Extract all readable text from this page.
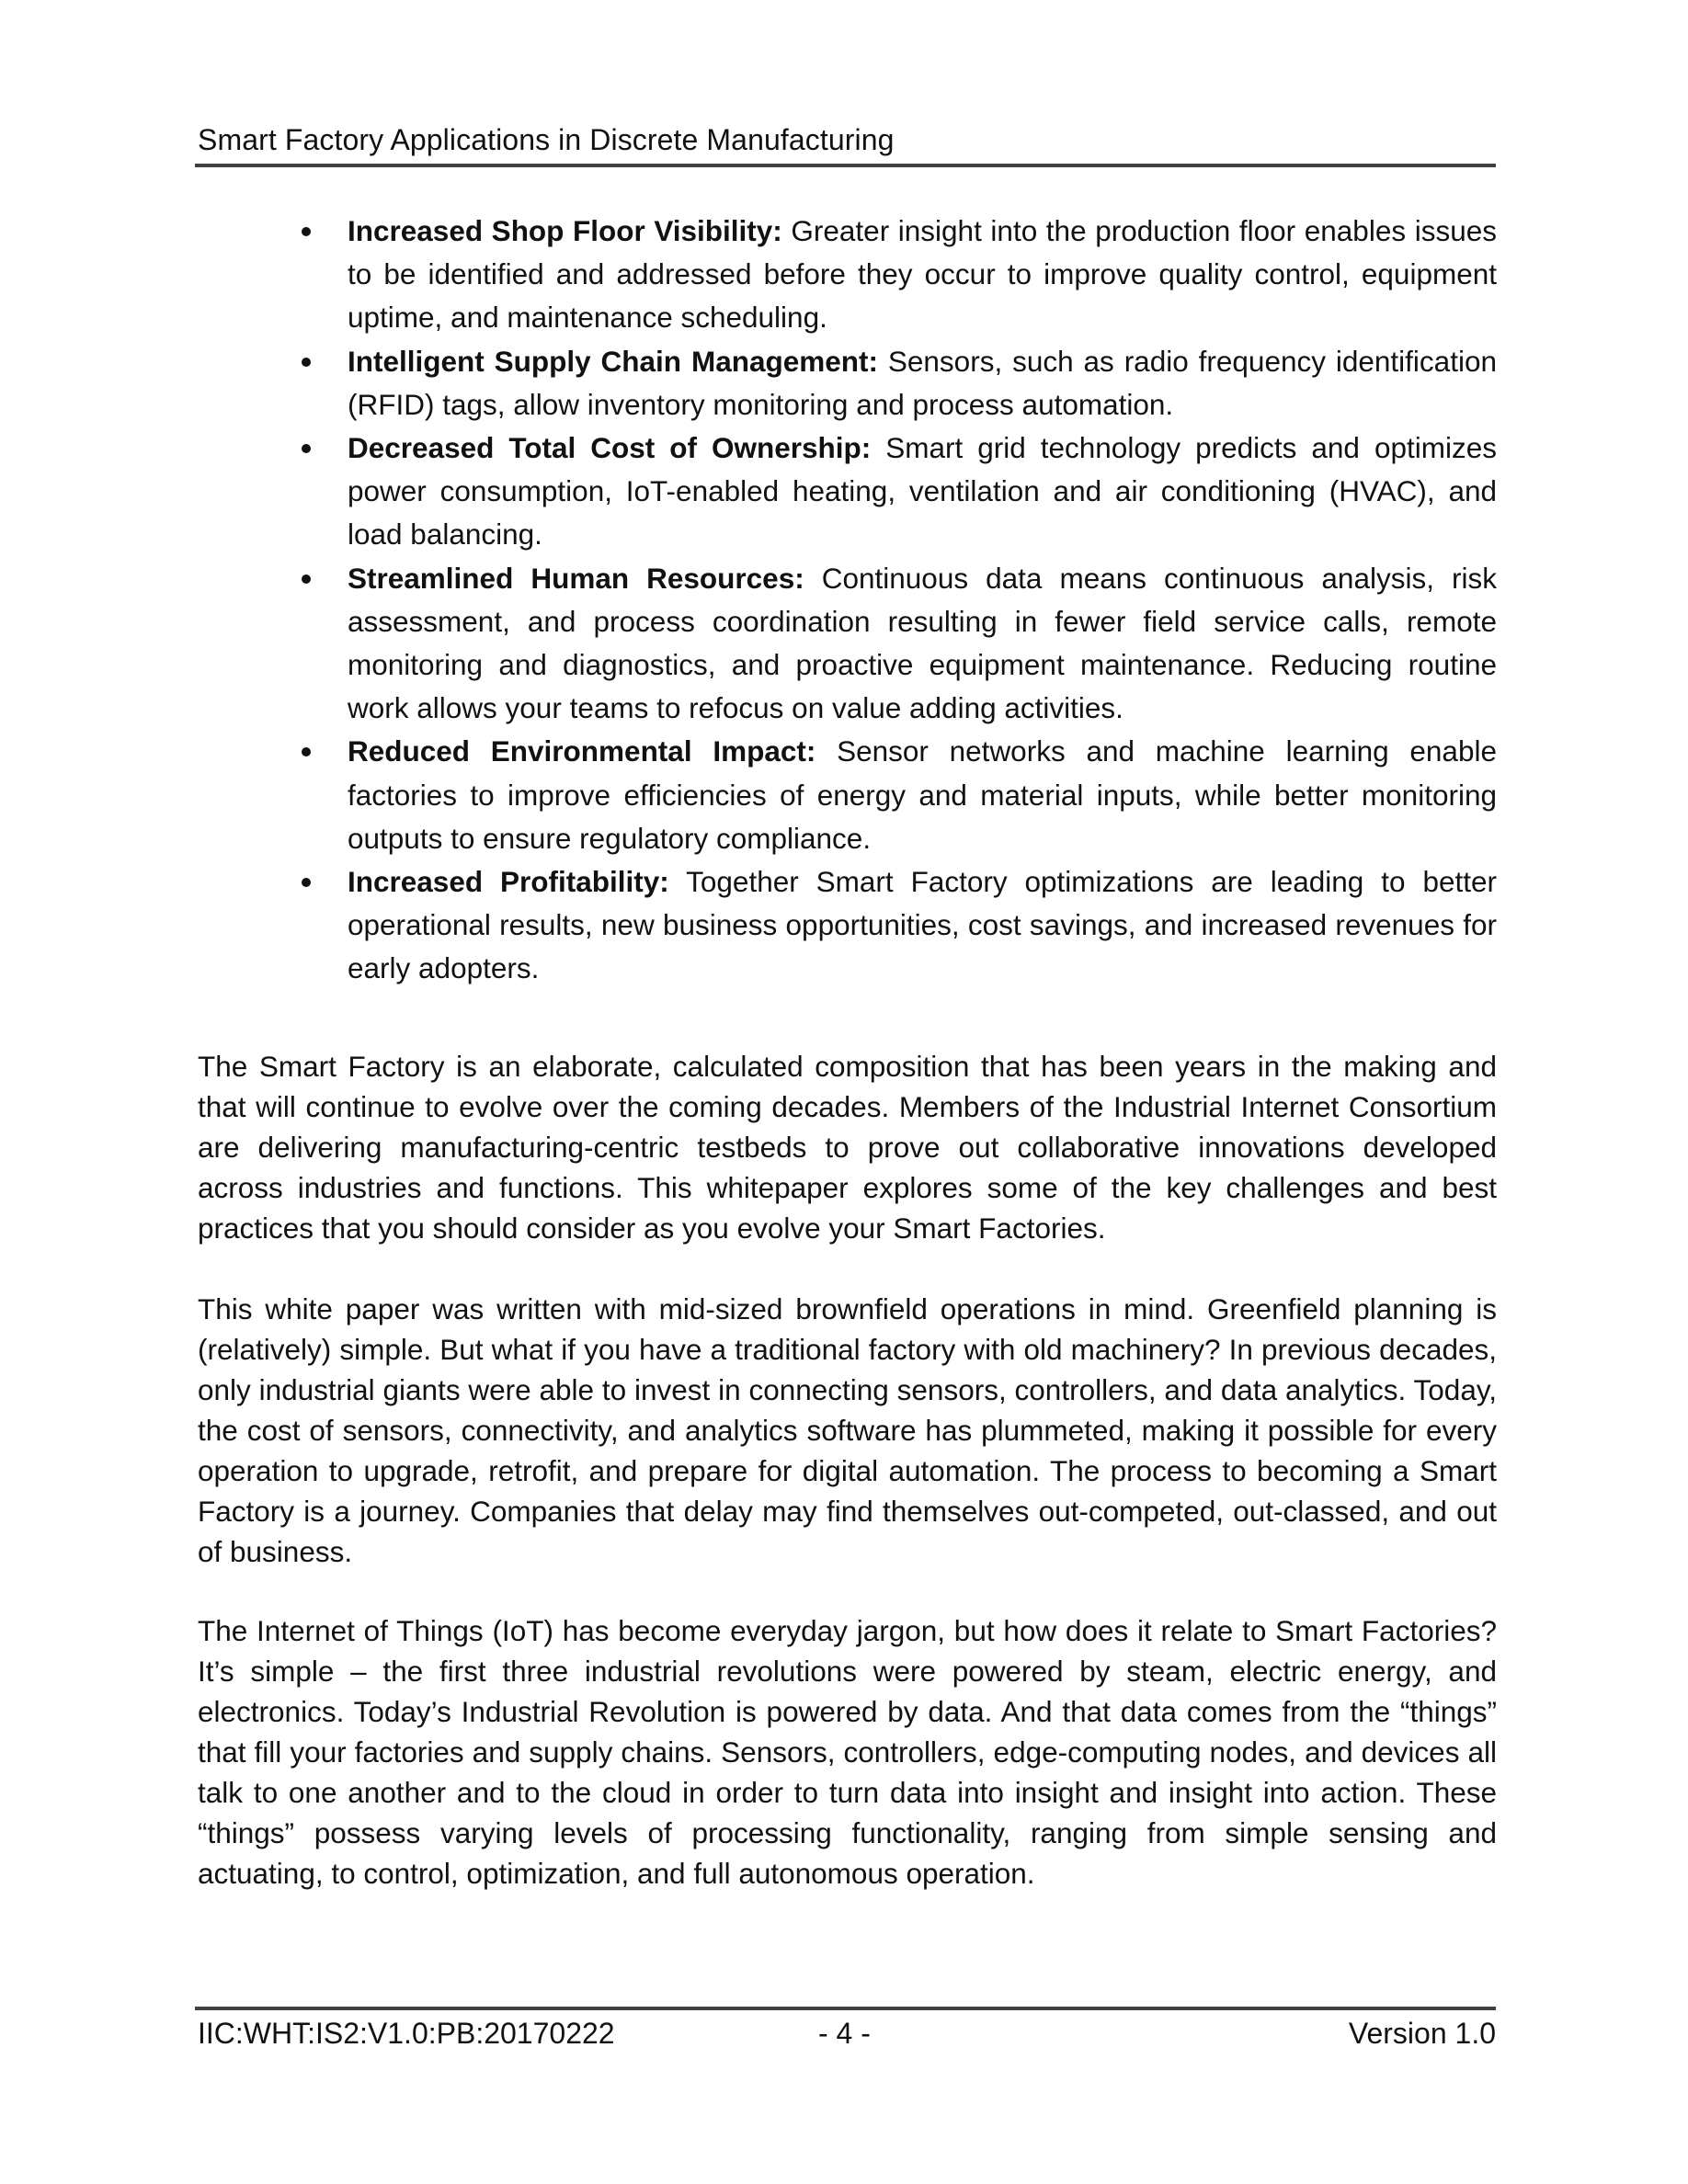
Smart Factory Applications in Discrete Manufacturing
Increased Shop Floor Visibility: Greater insight into the production floor enables issues to be identified and addressed before they occur to improve quality control, equipment uptime, and maintenance scheduling.
Intelligent Supply Chain Management: Sensors, such as radio frequency identification (RFID) tags, allow inventory monitoring and process automation.
Decreased Total Cost of Ownership: Smart grid technology predicts and optimizes power consumption, IoT-enabled heating, ventilation and air conditioning (HVAC), and load balancing.
Streamlined Human Resources: Continuous data means continuous analysis, risk assessment, and process coordination resulting in fewer field service calls, remote monitoring and diagnostics, and proactive equipment maintenance. Reducing routine work allows your teams to refocus on value adding activities.
Reduced Environmental Impact: Sensor networks and machine learning enable factories to improve efficiencies of energy and material inputs, while better monitoring outputs to ensure regulatory compliance.
Increased Profitability: Together Smart Factory optimizations are leading to better operational results, new business opportunities, cost savings, and increased revenues for early adopters.

The Smart Factory is an elaborate, calculated composition that has been years in the making and that will continue to evolve over the coming decades. Members of the Industrial Internet Consortium are delivering manufacturing-centric testbeds to prove out collaborative innovations developed across industries and functions. This whitepaper explores some of the key challenges and best practices that you should consider as you evolve your Smart Factories.

This white paper was written with mid-sized brownfield operations in mind. Greenfield planning is (relatively) simple. But what if you have a traditional factory with old machinery? In previous decades, only industrial giants were able to invest in connecting sensors, controllers, and data analytics. Today, the cost of sensors, connectivity, and analytics software has plummeted, making it possible for every operation to upgrade, retrofit, and prepare for digital automation. The process to becoming a Smart Factory is a journey. Companies that delay may find themselves out-competed, out-classed, and out of business.

The Internet of Things (IoT) has become everyday jargon, but how does it relate to Smart Factories? It’s simple – the first three industrial revolutions were powered by steam, electric energy, and electronics. Today’s Industrial Revolution is powered by data. And that data comes from the “things” that fill your factories and supply chains. Sensors, controllers, edge-computing nodes, and devices all talk to one another and to the cloud in order to turn data into insight and insight into action. These “things” possess varying levels of processing functionality, ranging from simple sensing and actuating, to control, optimization, and full autonomous operation.

IIC:WHT:IS2:V1.0:PB:20170222	- 4 -	Version 1.0
